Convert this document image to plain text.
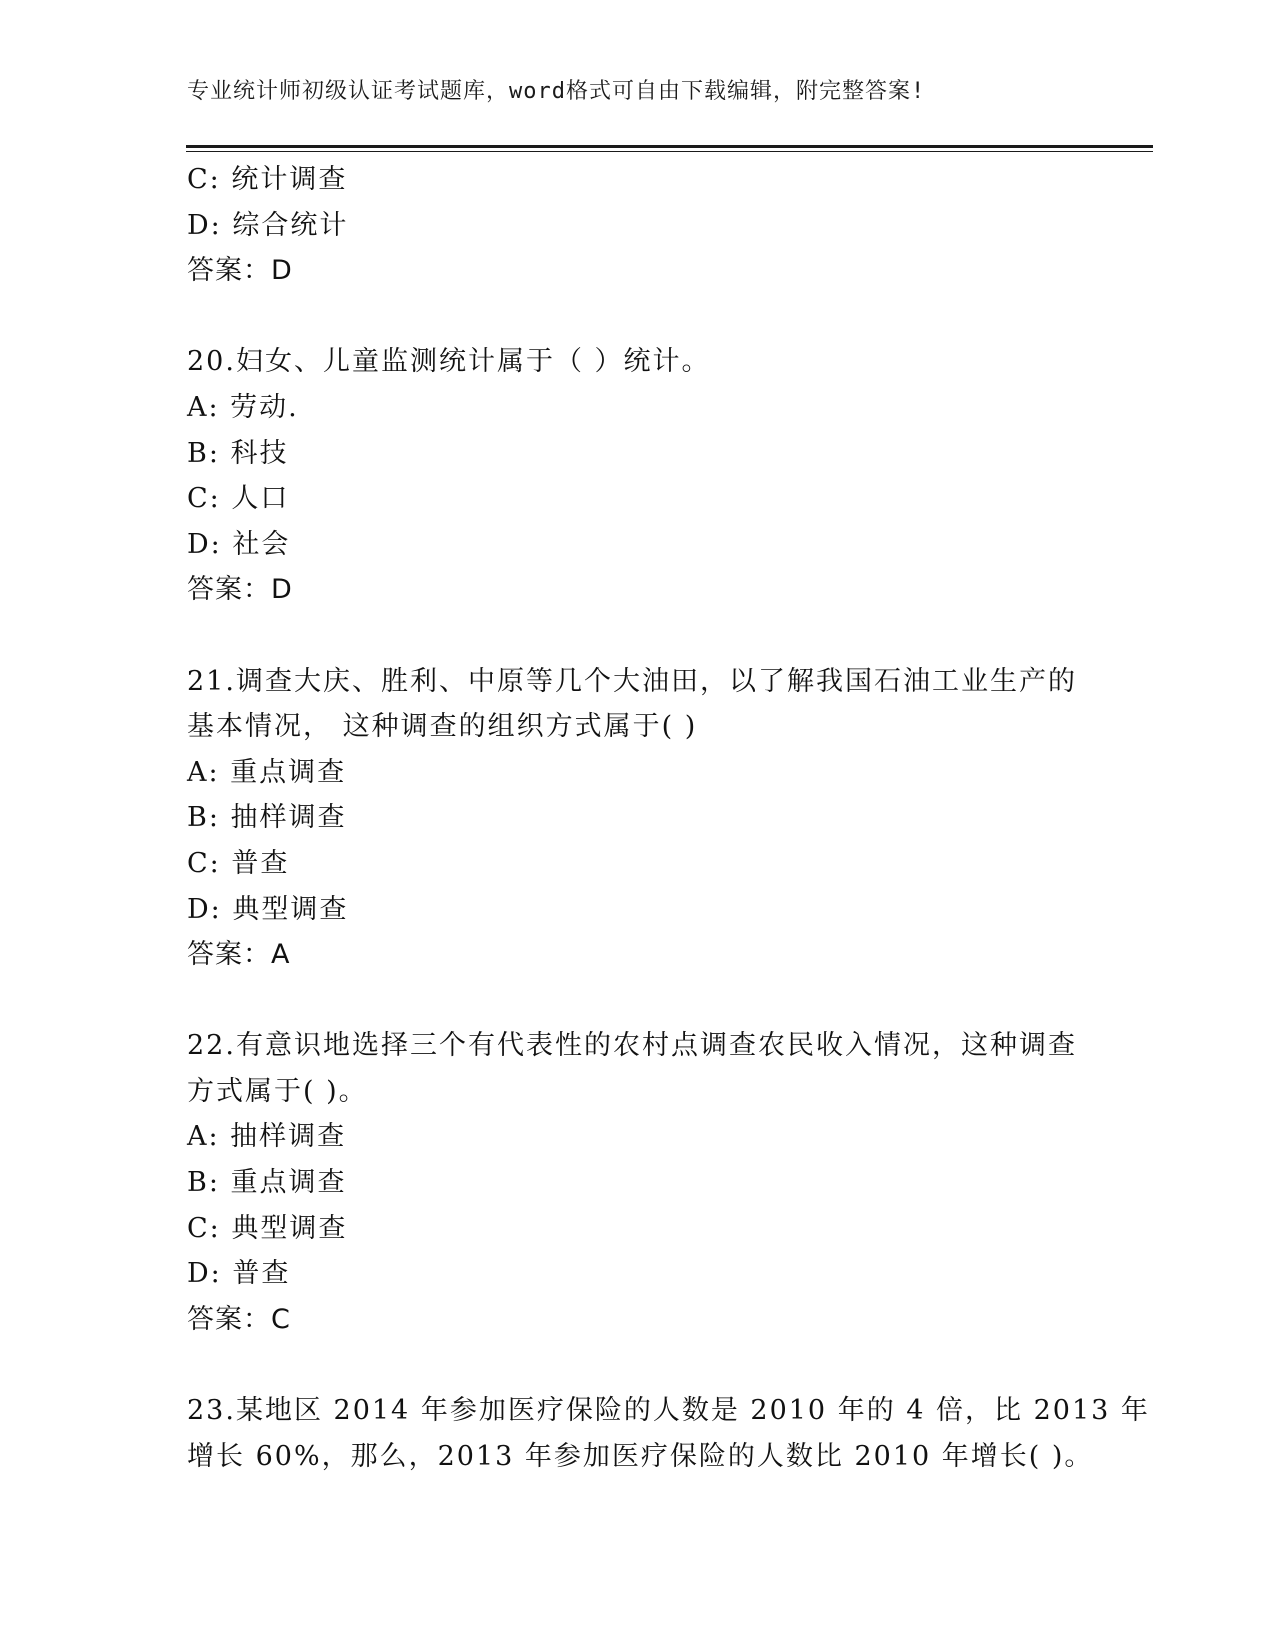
专业统计师初级认证考试题库，word格式可自由下载编辑，附完整答案!
C: 统计调查
D: 综合统计
答案：D
20.妇女、儿童监测统计属于（ ）统计。
A: 劳动.
B: 科技
C: 人口
D: 社会
答案：D
21.调查大庆、胜利、中原等几个大油田，以了解我国石油工业生产的
基本情况， 这种调查的组织方式属于( )
A: 重点调查
B: 抽样调查
C: 普查
D: 典型调查
答案：A
22.有意识地选择三个有代表性的农村点调查农民收入情况，这种调查
方式属于( )。
A: 抽样调查
B: 重点调查
C: 典型调查
D: 普查
答案：C
23.某地区 2014 年参加医疗保险的人数是 2010 年的 4 倍，比 2013 年
增长 60%，那么，2013 年参加医疗保险的人数比 2010 年增长( )。
